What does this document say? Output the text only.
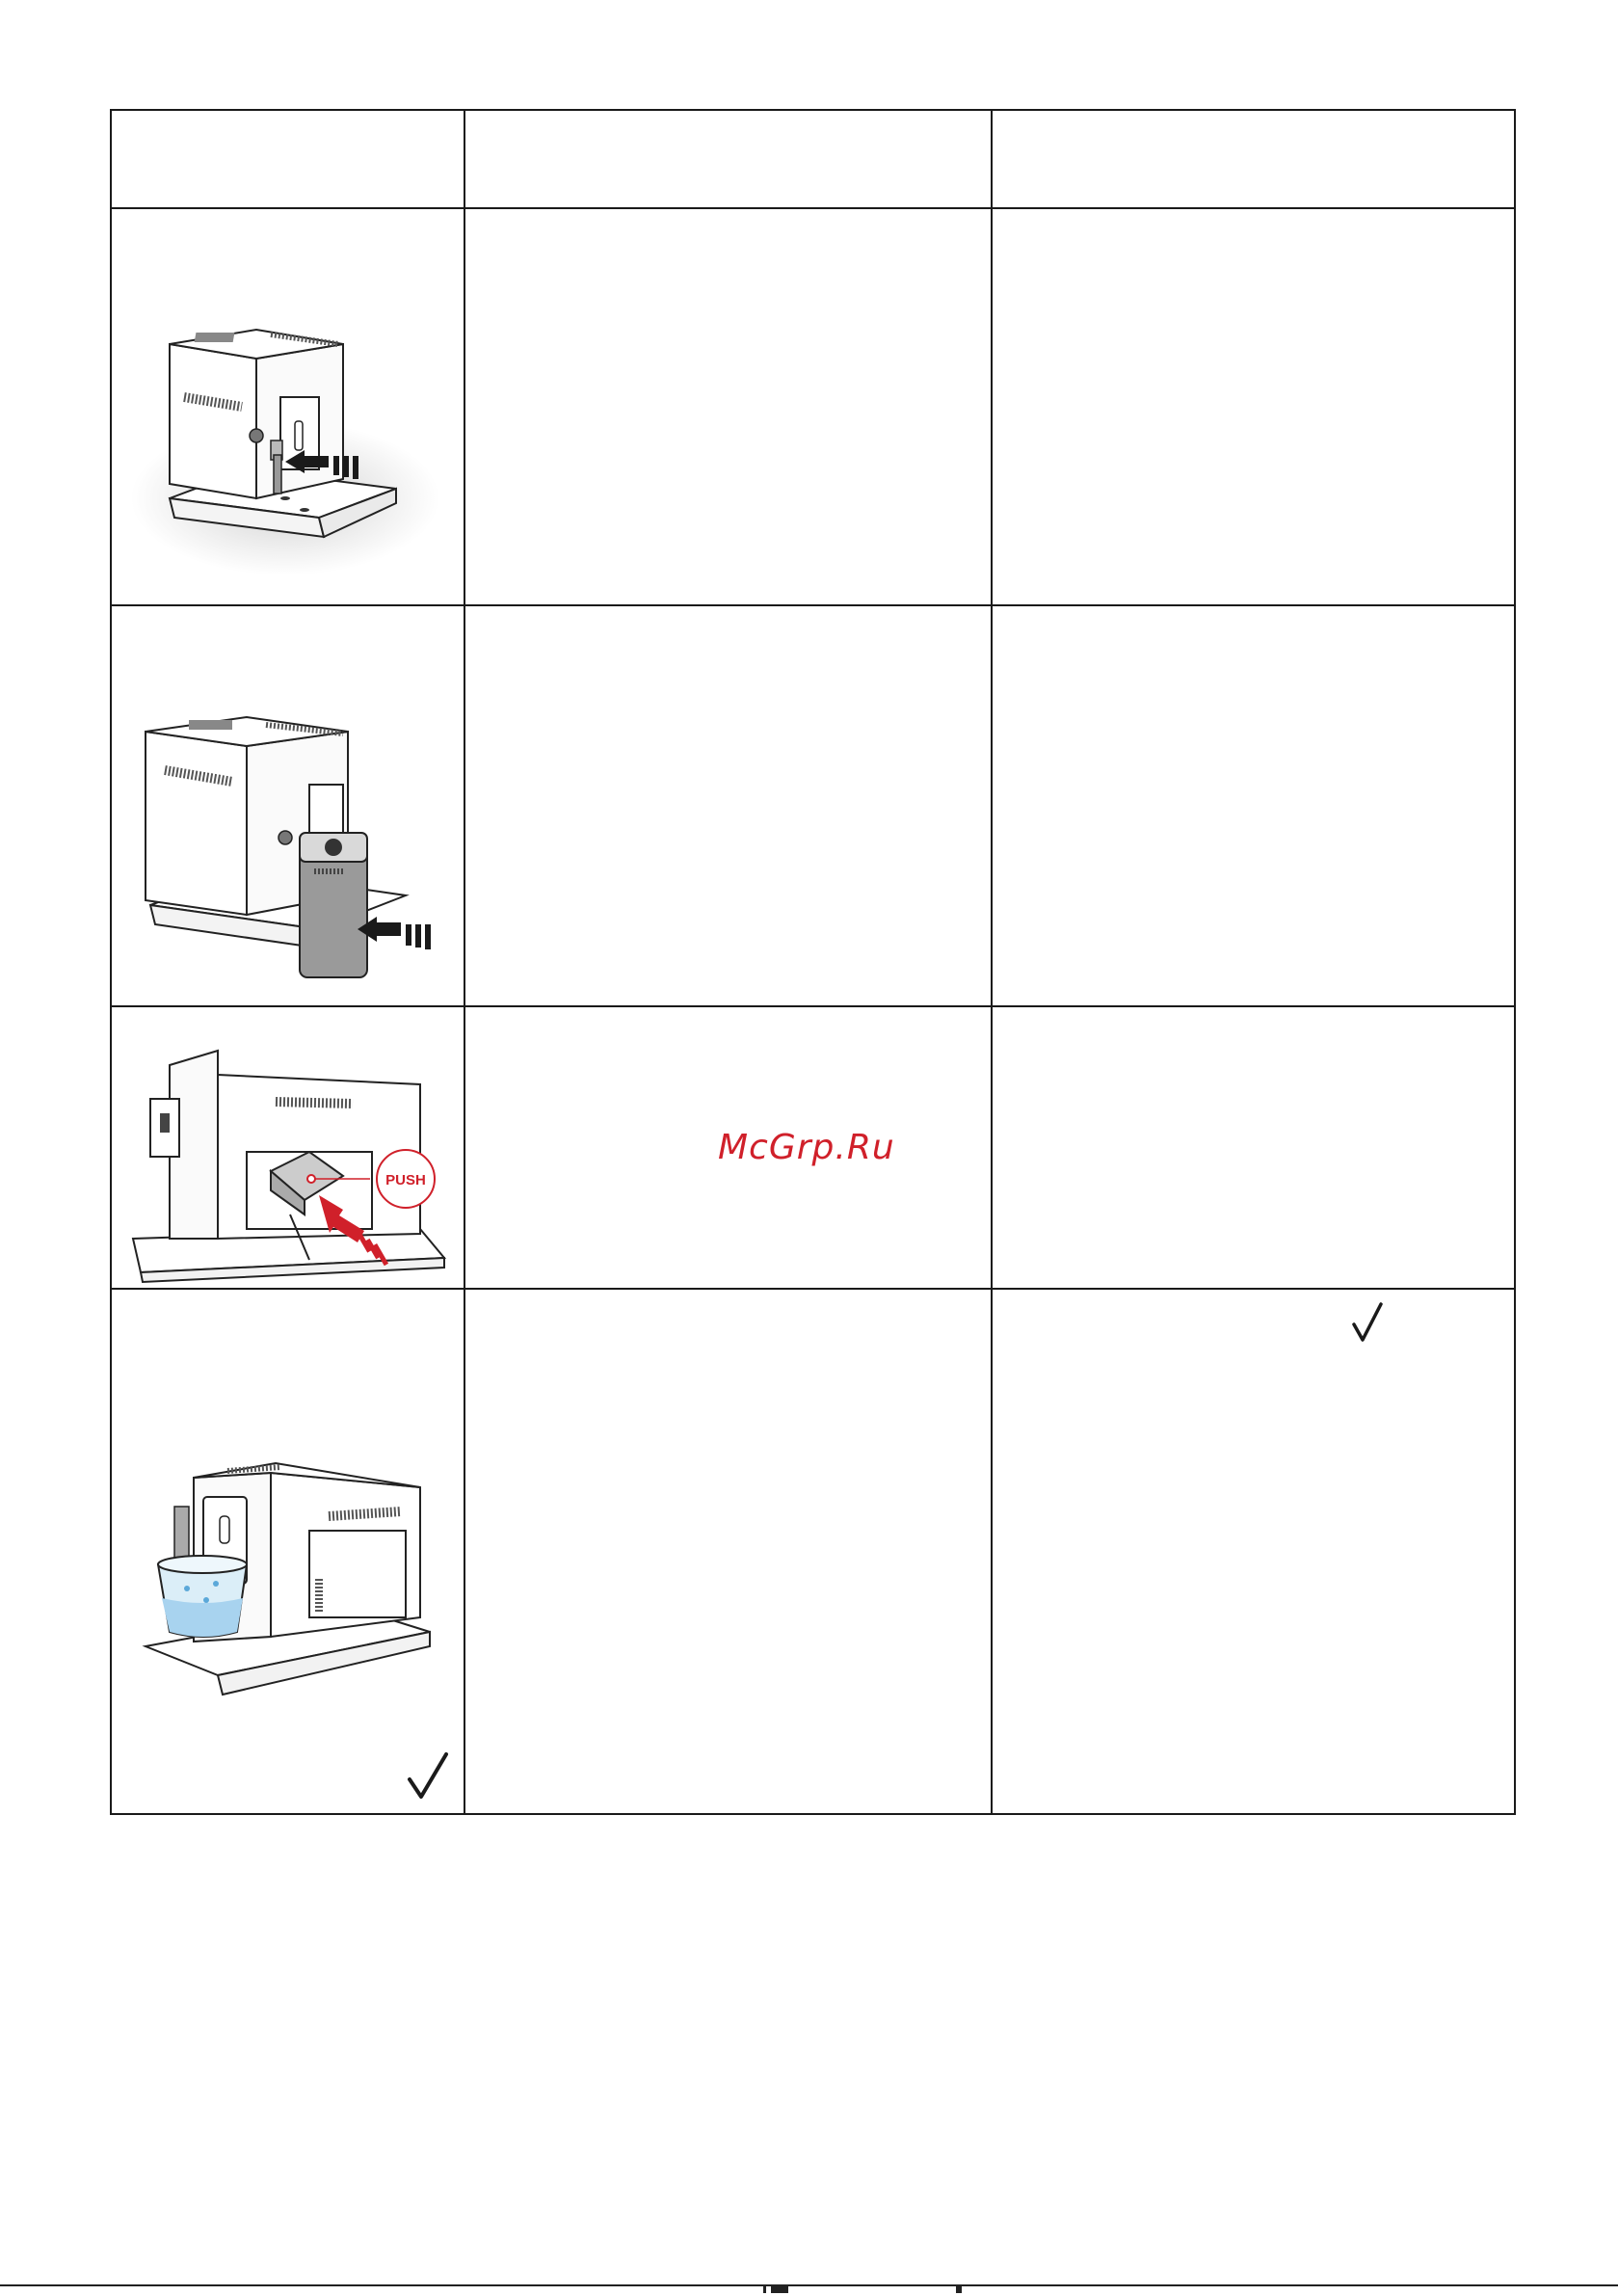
PUSH		

McGrp.Ru
